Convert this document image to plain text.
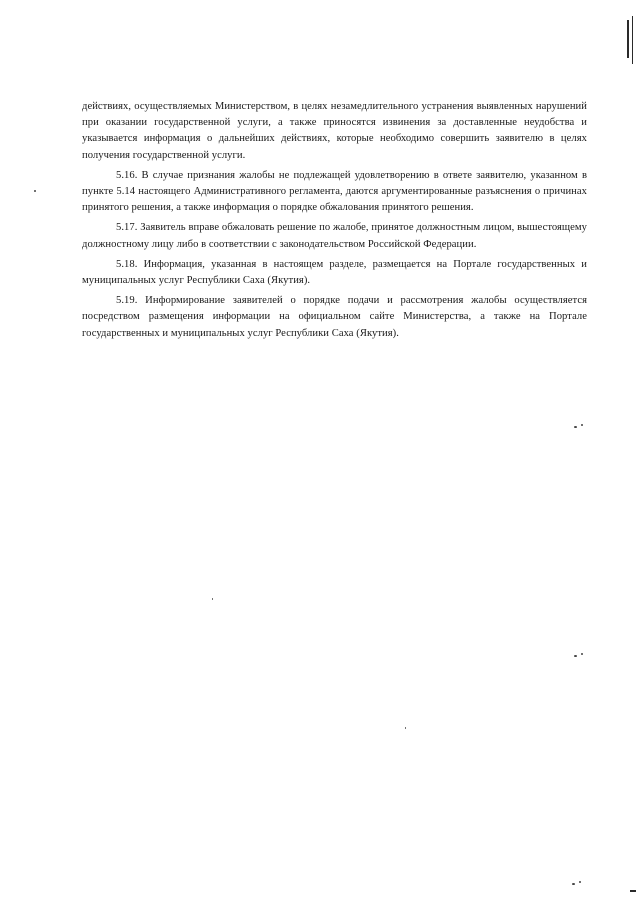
действиях, осуществляемых Министерством, в целях незамедлительного устранения выявленных нарушений при оказании государственной услуги, а также приносятся извинения за доставленные неудобства и указывается информация о дальнейших действиях, которые необходимо совершить заявителю в целях получения государственной услуги.

5.16. В случае признания жалобы не подлежащей удовлетворению в ответе заявителю, указанном в пункте 5.14 настоящего Административного регламента, даются аргументированные разъяснения о причинах принятого решения, а также информация о порядке обжалования принятого решения.

5.17. Заявитель вправе обжаловать решение по жалобе, принятое должностным лицом, вышестоящему должностному лицу либо в соответствии с законодательством Российской Федерации.

5.18. Информация, указанная в настоящем разделе, размещается на Портале государственных и муниципальных услуг Республики Саха (Якутия).

5.19. Информирование заявителей о порядке подачи и рассмотрения жалобы осуществляется посредством размещения информации на официальном сайте Министерства, а также на Портале государственных и муниципальных услуг Республики Саха (Якутия).
